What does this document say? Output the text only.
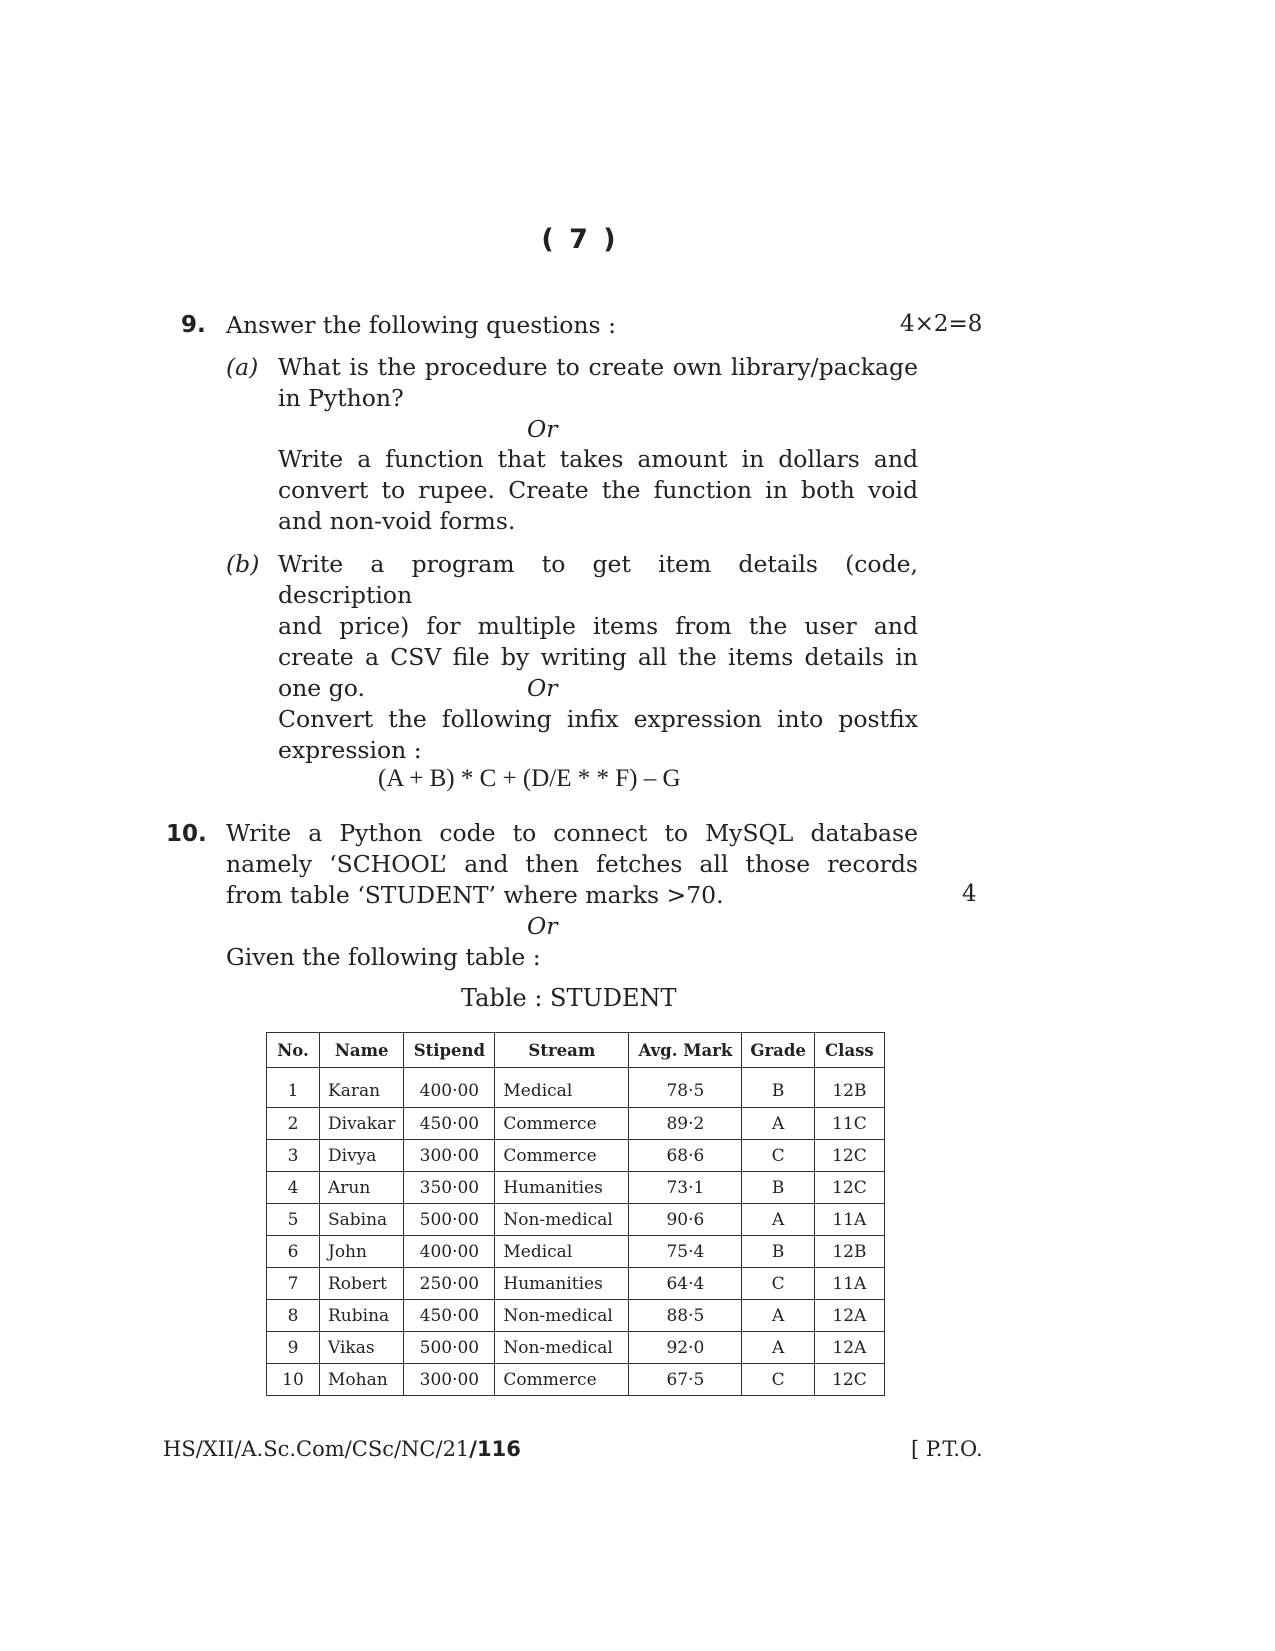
( 7 )
9. Answer the following questions :	4×2=8
(a) What is the procedure to create own library/package
in Python?
Or
Write a function that takes amount in dollars and
convert to rupee. Create the function in both void
and non-void forms.
(b) Write a program to get item details (code, description
and price) for multiple items from the user and
create a CSV file by writing all the items details in
one go.	Or
Convert the following infix expression into postfix
expression :
(A + B) * C + (D/E * * F) – G
10. Write a Python code to connect to MySQL database
namely ‘SCHOOL’ and then fetches all those records
from table ‘STUDENT’ where marks >70.	4
Or
Given the following table :
Table : STUDENT
No.	Name	Stipend	Stream	Avg. Mark	Grade	Class
1	Karan	400·00	Medical	78·5	B	12B
2	Divakar	450·00	Commerce	89·2	A	11C
3	Divya	300·00	Commerce	68·6	C	12C
4	Arun	350·00	Humanities	73·1	B	12C
5	Sabina	500·00	Non-medical	90·6	A	11A
6	John	400·00	Medical	75·4	B	12B
7	Robert	250·00	Humanities	64·4	C	11A
8	Rubina	450·00	Non-medical	88·5	A	12A
9	Vikas	500·00	Non-medical	92·0	A	12A
10	Mohan	300·00	Commerce	67·5	C	12C
HS/XII/A.Sc.Com/CSc/NC/21/116	[ P.T.O.
